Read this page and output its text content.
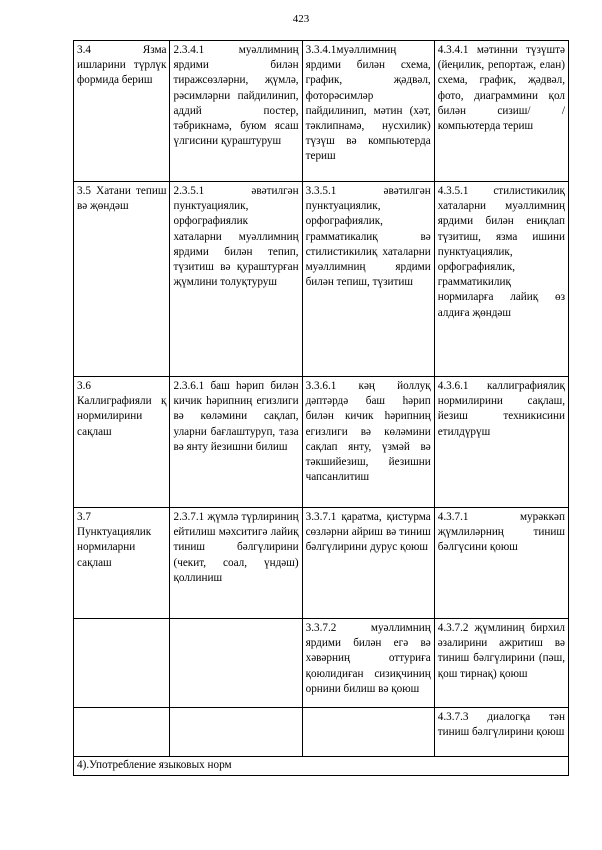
423
3.4 Язма ишларини түрлүк формида бериш	2.3.4.1 муәллимниң ярдими билән тиражсөзләрни, җүмлә, рәсимләрни пайдилинип, аддий постер, тәбрикнамә, буюм ясаш үлгисини қураштуруш	3.3.4.1муәллимниң ярдими билән схема, график, җәдвәл, фоторәсимләр пайдилинип, мәтин (хәт, тәклипнамә, нусхилик) түзүш вә компьютерда териш	4.3.4.1 мәтинни түзүштә (йеңилик, репортаж, елан) схема, график, җәдвәл, фото, диаграммини қол билән сизиш/ /компьютерда териш

3.5 Хатани тепиш вә җөндәш	2.3.5.1 әвәтилгән пунктуациялик, орфографиялик хаталарни муәллимниң ярдими билән тепип, түзитиш вә қураштурған җүмлини толуқтуруш	3.3.5.1 әвәтилгән пунктуациялик, орфографиялик, грамматикалиқ вә стилистикилиқ хаталарни муәллимниң ярдими билән тепиш, түзитиш	4.3.5.1 стилистикилиқ хаталарни муәллимниң ярдими билән ениқлап түзитиш, язма ишини пунктуациялик, орфографиялик, грамматикилиқ нормиларға лайиқ өз алдиға җөндәш

3.6 Каллиграфияли қ нормилирини сақлаш	2.3.6.1 баш һәрип билән кичик һәрипниң егизлиги вә көләмини сақлап, уларни бағлаштуруп, таза вә янту йезишни билиш	3.3.6.1 кәң йоллуқ дәптәрдә баш һәрип билән кичик һәрипниң егизлиги вә көләмини сақлап янту, үзмәй вә тәкшийезиш, йезишни чапсанлитиш	4.3.6.1 каллиграфиялиқ нормилирини сақлаш, йезиш техникисини етилдүрүш

3.7 Пунктуациялик нормиларни сақлаш	2.3.7.1 җүмлә түрлириниң ейтилиш мәхситигә лайиқ тиниш бәлгүлирини (чекит, соал, үндәш) қоллиниш	3.3.7.1 қаратма, қистурма сөзләрни айриш вә тиниш бәлгүлирини дурус қоюш	4.3.7.1 мурәккәп җүмлиләрниң тиниш бәлгүсини қоюш

		3.3.7.2 муәллимниң ярдими билән егә вә хәвәрниң оттуриға қоюлидиған сизиқчиниң орнини билиш вә қоюш	4.3.7.2 җүмлиниң бирхил әзалирини ажритиш вә тиниш бәлгүлирини (пәш, қош тирнақ) қоюш

			4.3.7.3 диалогқа тән тиниш бәлгүлирини қоюш

4).Употребление языковых норм			
